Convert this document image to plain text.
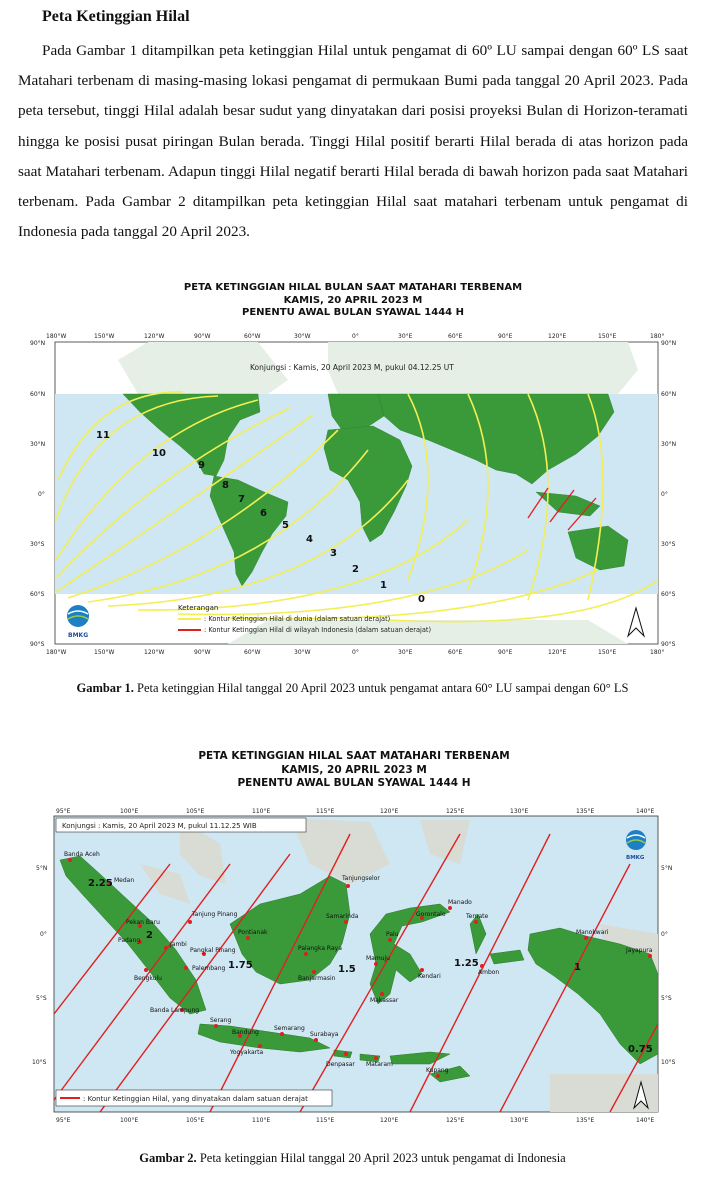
Peta Ketinggian Hilal

Pada Gambar 1 ditampilkan peta ketinggian Hilal untuk pengamat di 60º LU sampai dengan 60º LS saat Matahari terbenam di masing-masing lokasi pengamat di permukaan Bumi pada tanggal 20 April 2023. Pada peta tersebut, tinggi Hilal adalah besar sudut yang dinyatakan dari posisi proyeksi Bulan di Horizon-teramati hingga ke posisi pusat piringan Bulan berada. Tinggi Hilal positif berarti Hilal berada di atas horizon pada saat Matahari terbenam. Adapun tinggi Hilal negatif berarti Hilal berada di bawah horizon pada saat Matahari terbenam. Pada Gambar 2 ditampilkan peta ketinggian Hilal saat matahari terbenam untuk pengamat di Indonesia pada tanggal 20 April 2023.

PETA KETINGGIAN HILAL BULAN SAAT MATAHARI TERBENAM
KAMIS, 20 APRIL 2023 M
PENENTU AWAL BULAN SYAWAL 1444 H
11
10
9
8
7
6
5
4
3
2
1
0
Konjungsi : Kamis, 20 April 2023 M, pukul 04.12.25 UT
180°W	150°W	120°W	90°W	60°W	30°W	0°	30°E	60°E	90°E	120°E	150°E	180°
180°W	150°W	120°W	90°W	60°W	30°W	0°	30°E	60°E	90°E	120°E	150°E	180°
90°N
60°N
30°N
0°
30°S
60°S
90°S
90°N
60°N
30°N
0°
30°S
60°S
90°S
BMKG
Keterangan
: Kontur Ketinggian Hilal di dunia (dalam satuan derajat)
: Kontur Ketinggian Hilal di wilayah Indonesia (dalam satuan derajat)
Gambar 1. Peta ketinggian Hilal tanggal 20 April 2023 untuk pengamat antara 60° LU sampai dengan 60° LS
PETA KETINGGIAN HILAL SAAT MATAHARI TERBENAM
KAMIS, 20 APRIL 2023 M
PENENTU AWAL BULAN SYAWAL 1444 H
Banda Aceh
Medan
Pekan Baru
Padang
Jambi
Tanjung Pinang
Pangkal Pinang
Palembang
Bengkulu
Banda Lampung
Serang
Bandung
Semarang
Yogyakarta
Surabaya
Denpasar Mataram
Kupang
Pontianak
Palangka Raya
Banjarmasin
Samarinda
Tanjungselor
Manado
Gorontalo
Palu
Mamuju
Kendari
Makassar
Ambon
Manokwari
Jayapura
Ternate
2.25
2
1.75	1.5
1.25	1
0.75
Konjungsi : Kamis, 20 April 2023 M, pukul 11.12.25 WIB
95°E	100°E	105°E	110°E	115°E	120°E	125°E	130°E	135°E	140°E
95°E	100°E	105°E	110°E	115°E	120°E	125°E	130°E	135°E	140°E
5°N
0°
5°S
10°S
5°N
0°
5°S
10°S
BMKG
: Kontur Ketinggian Hilal, yang dinyatakan dalam satuan derajat
Gambar 2. Peta ketinggian Hilal tanggal 20 April 2023 untuk pengamat di Indonesia
